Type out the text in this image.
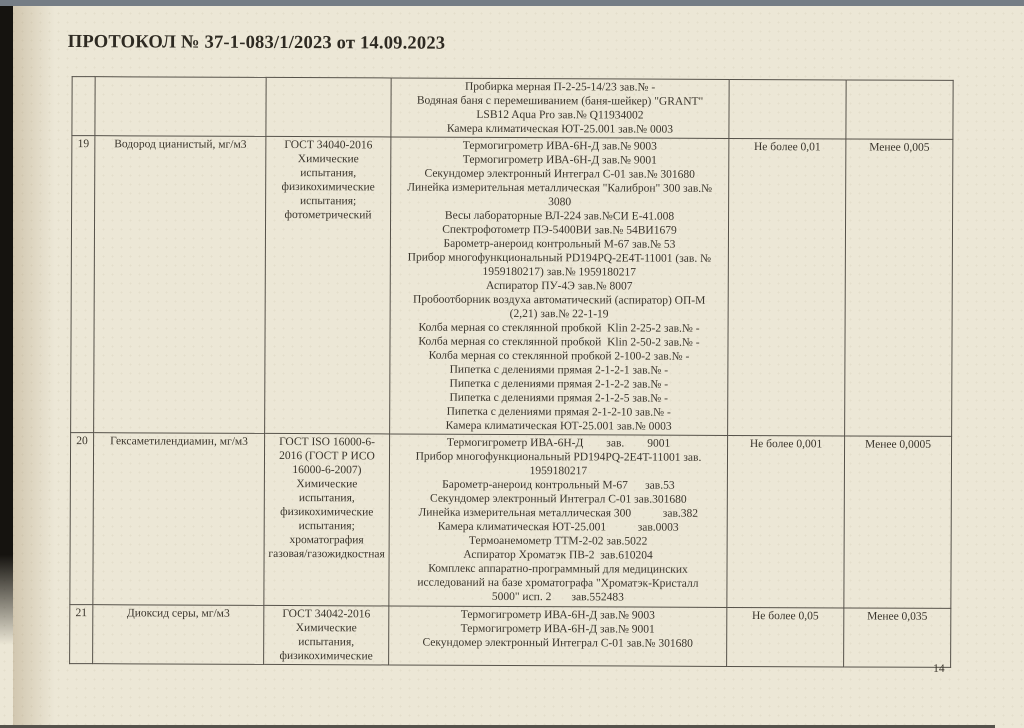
ПРОТОКОЛ № 37-1-083/1/2023 от 14.09.2023
			Пробирка мерная П-2-25-14/23 зав.№ -
Водяная баня с перемешиванием (баня-шейкер) "GRANT"
LSB12 Aqua Pro зав.№ Q11934002
Камера климатическая ЮТ-25.001 зав.№ 0003		
19	Водород цианистый, мг/м3	ГОСТ 34040-2016
Химические
испытания,
физикохимические
испытания;
фотометрический	Термогигрометр ИВА-6Н-Д зав.№ 9003
Термогигрометр ИВА-6Н-Д зав.№ 9001
Секундомер электронный Интеграл С-01 зав.№ 301680
Линейка измерительная металлическая "Калиброн" 300 зав.№
3080
Весы лабораторные ВЛ-224 зав.№СИ Е-41.008
Спектрофотометр ПЭ-5400ВИ зав.№ 54ВИ1679
Барометр-анероид контрольный М-67 зав.№ 53
Прибор многофункциональный PD194PQ-2E4T-11001 (зав. №
1959180217) зав.№ 1959180217
Аспиратор ПУ-4Э зав.№ 8007
Пробоотборник воздуха автоматический (аспиратор) ОП-М
(2,21) зав.№ 22-1-19
Колба мерная со стеклянной пробкой  Klin 2-25-2 зав.№ -
Колба мерная со стеклянной пробкой  Klin 2-50-2 зав.№ -
Колба мерная со стеклянной пробкой 2-100-2 зав.№ -
Пипетка с делениями прямая 2-1-2-1 зав.№ -
Пипетка с делениями прямая 2-1-2-2 зав.№ -
Пипетка с делениями прямая 2-1-2-5 зав.№ -
Пипетка с делениями прямая 2-1-2-10 зав.№ -
Камера климатическая ЮТ-25.001 зав.№ 0003	Не более 0,01	Менее 0,005
20	Гексаметилендиамин, мг/м3	ГОСТ ISO 16000-6-
2016 (ГОСТ Р ИСО
16000-6-2007)
Химические
испытания,
физикохимические
испытания;
хроматография
газовая/газожидкостная	Термогигрометр ИВА-6Н-Д        зав.        9001
Прибор многофункциональный PD194PQ-2E4T-11001 зав.
1959180217
Барометр-анероид контрольный М-67      зав.53
Секундомер электронный Интеграл С-01 зав.301680
Линейка измерительная металлическая 300           зав.382
Камера климатическая ЮТ-25.001           зав.0003
Термоанемометр ТТМ-2-02 зав.5022
Аспиратор Хроматэк ПВ-2  зав.610204
Комплекс аппаратно-программный для медицинских
исследований на базе хроматографа "Хроматэк-Кристалл
5000" исп. 2       зав.552483	Не более 0,001	Менее 0,0005
21	Диоксид серы, мг/м3	ГОСТ 34042-2016
Химические
испытания,
физикохимические	Термогигрометр ИВА-6Н-Д зав.№ 9003
Термогигрометр ИВА-6Н-Д зав.№ 9001
Секундомер электронный Интеграл С-01 зав.№ 301680	Не более 0,05	Менее 0,035
14
